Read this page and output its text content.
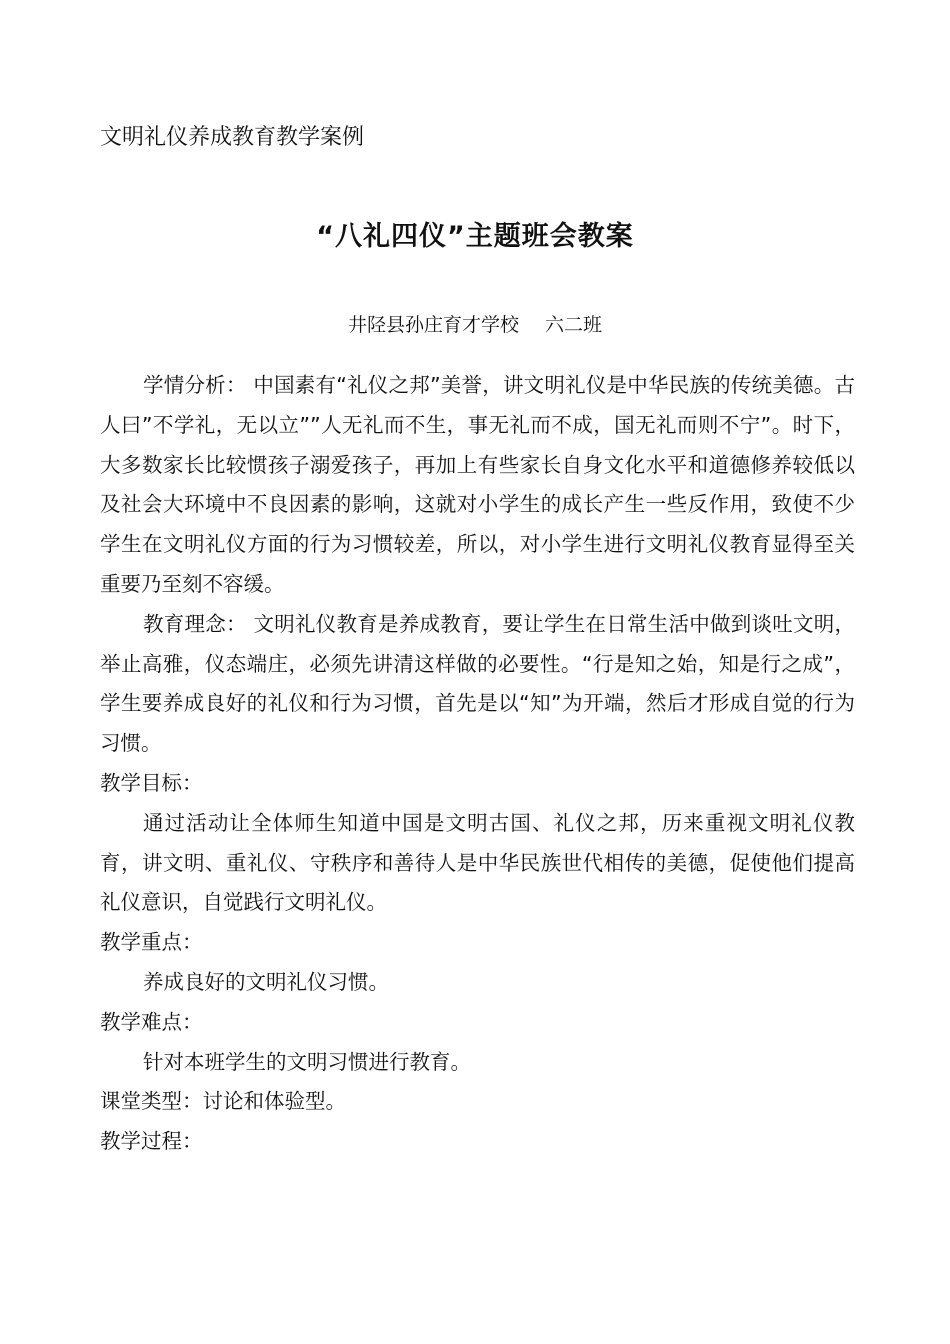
文明礼仪养成教育教学案例
“八礼四仪”主题班会教案
井陉县孙庄育才学校 六二班

学情分析： 中国素有“礼仪之邦”美誉，讲文明礼仪是中华民族的传统美德。古人曰”不学礼，无以立””人无礼而不生，事无礼而不成，国无礼而则不宁”。时下，大多数家长比较惯孩子溺爱孩子，再加上有些家长自身文化水平和道德修养较低以及社会大环境中不良因素的影响，这就对小学生的成长产生一些反作用，致使不少学生在文明礼仪方面的行为习惯较差，所以，对小学生进行文明礼仪教育显得至关重要乃至刻不容缓。

教育理念： 文明礼仪教育是养成教育，要让学生在日常生活中做到谈吐文明，举止高雅，仪态端庄，必须先讲清这样做的必要性。“行是知之始，知是行之成”，学生要养成良好的礼仪和行为习惯，首先是以“知”为开端，然后才形成自觉的行为习惯。

教学目标：

通过活动让全体师生知道中国是文明古国、礼仪之邦，历来重视文明礼仪教育，讲文明、重礼仪、守秩序和善待人是中华民族世代相传的美德，促使他们提高礼仪意识，自觉践行文明礼仪。

教学重点：

养成良好的文明礼仪习惯。

教学难点：

针对本班学生的文明习惯进行教育。

课堂类型：讨论和体验型。

教学过程：
